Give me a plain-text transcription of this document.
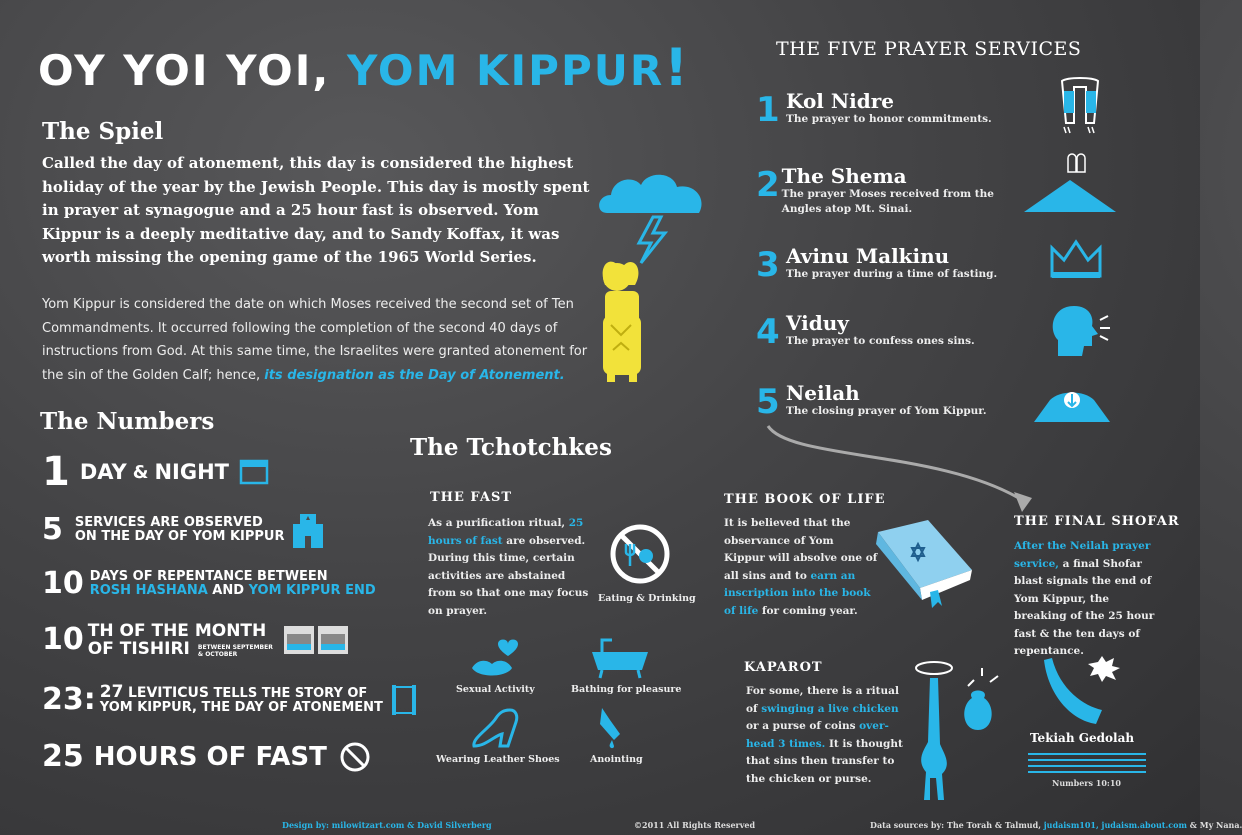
OY YOI YOI, YOM KIPPUR!
The Spiel
Called the day of atonement, this day is considered the highest holiday of the year by the Jewish People. This day is mostly spent in prayer at synagogue and a 25 hour fast is observed. Yom Kippur is a deeply meditative day, and to Sandy Koffax, it was worth missing the opening game of the 1965 World Series.
Yom Kippur is considered the date on which Moses received the second set of Ten Commandments. It occurred following the completion of the second 40 days of instructions from God. At this same time, the Israelites were granted atonement for the sin of the Golden Calf; hence, its designation as the Day of Atonement.
The Numbers
1 DAY & NIGHT
5 SERVICES ARE OBSERVED
ON THE DAY OF YOM KIPPUR
10 DAYS OF REPENTANCE BETWEEN
ROSH HASHANA AND YOM KIPPUR END
10 TH OF THE MONTH
OF TISHIRI BETWEEN SEPTEMBER
& OCTOBER
23: 27 LEVITICUS TELLS THE STORY OF
YOM KIPPUR, THE DAY OF ATONEMENT
25 HOURS OF FAST
THE FIVE PRAYER SERVICES
1 Kol Nidre
The prayer to honor commitments.
2 The Shema
The prayer Moses received from the Angles atop Mt. Sinai.
3 Avinu Malkinu
The prayer during a time of fasting.
4 Viduy
The prayer to confess ones sins.
5 Neilah
The closing prayer of Yom Kippur.
The Tchotchkes
THE FAST
As a purification ritual, 25 hours of fast are observed. During this time, certain activities are abstained from so that one may focus on prayer.
Eating & Drinking
Sexual Activity	Bathing for pleasure
Wearing Leather Shoes	Anointing
THE BOOK OF LIFE
It is believed that the observance of Yom Kippur will absolve one of all sins and to earn an inscription into the book of life for coming year.
KAPAROT
For some, there is a ritual of swinging a live chicken or a purse of coins over-head 3 times. It is thought that sins then transfer to the chicken or purse.
THE FINAL SHOFAR
After the Neilah prayer service, a final Shofar blast signals the end of Yom Kippur, the breaking of the 25 hour fast & the ten days of repentance.
Tekiah Gedolah
Numbers 10:10
Design by: milowitzart.com & David Silverberg	©2011 All Rights Reserved	Data sources by: The Torah & Talmud, judaism101, judaism.about.com & My Nana.
